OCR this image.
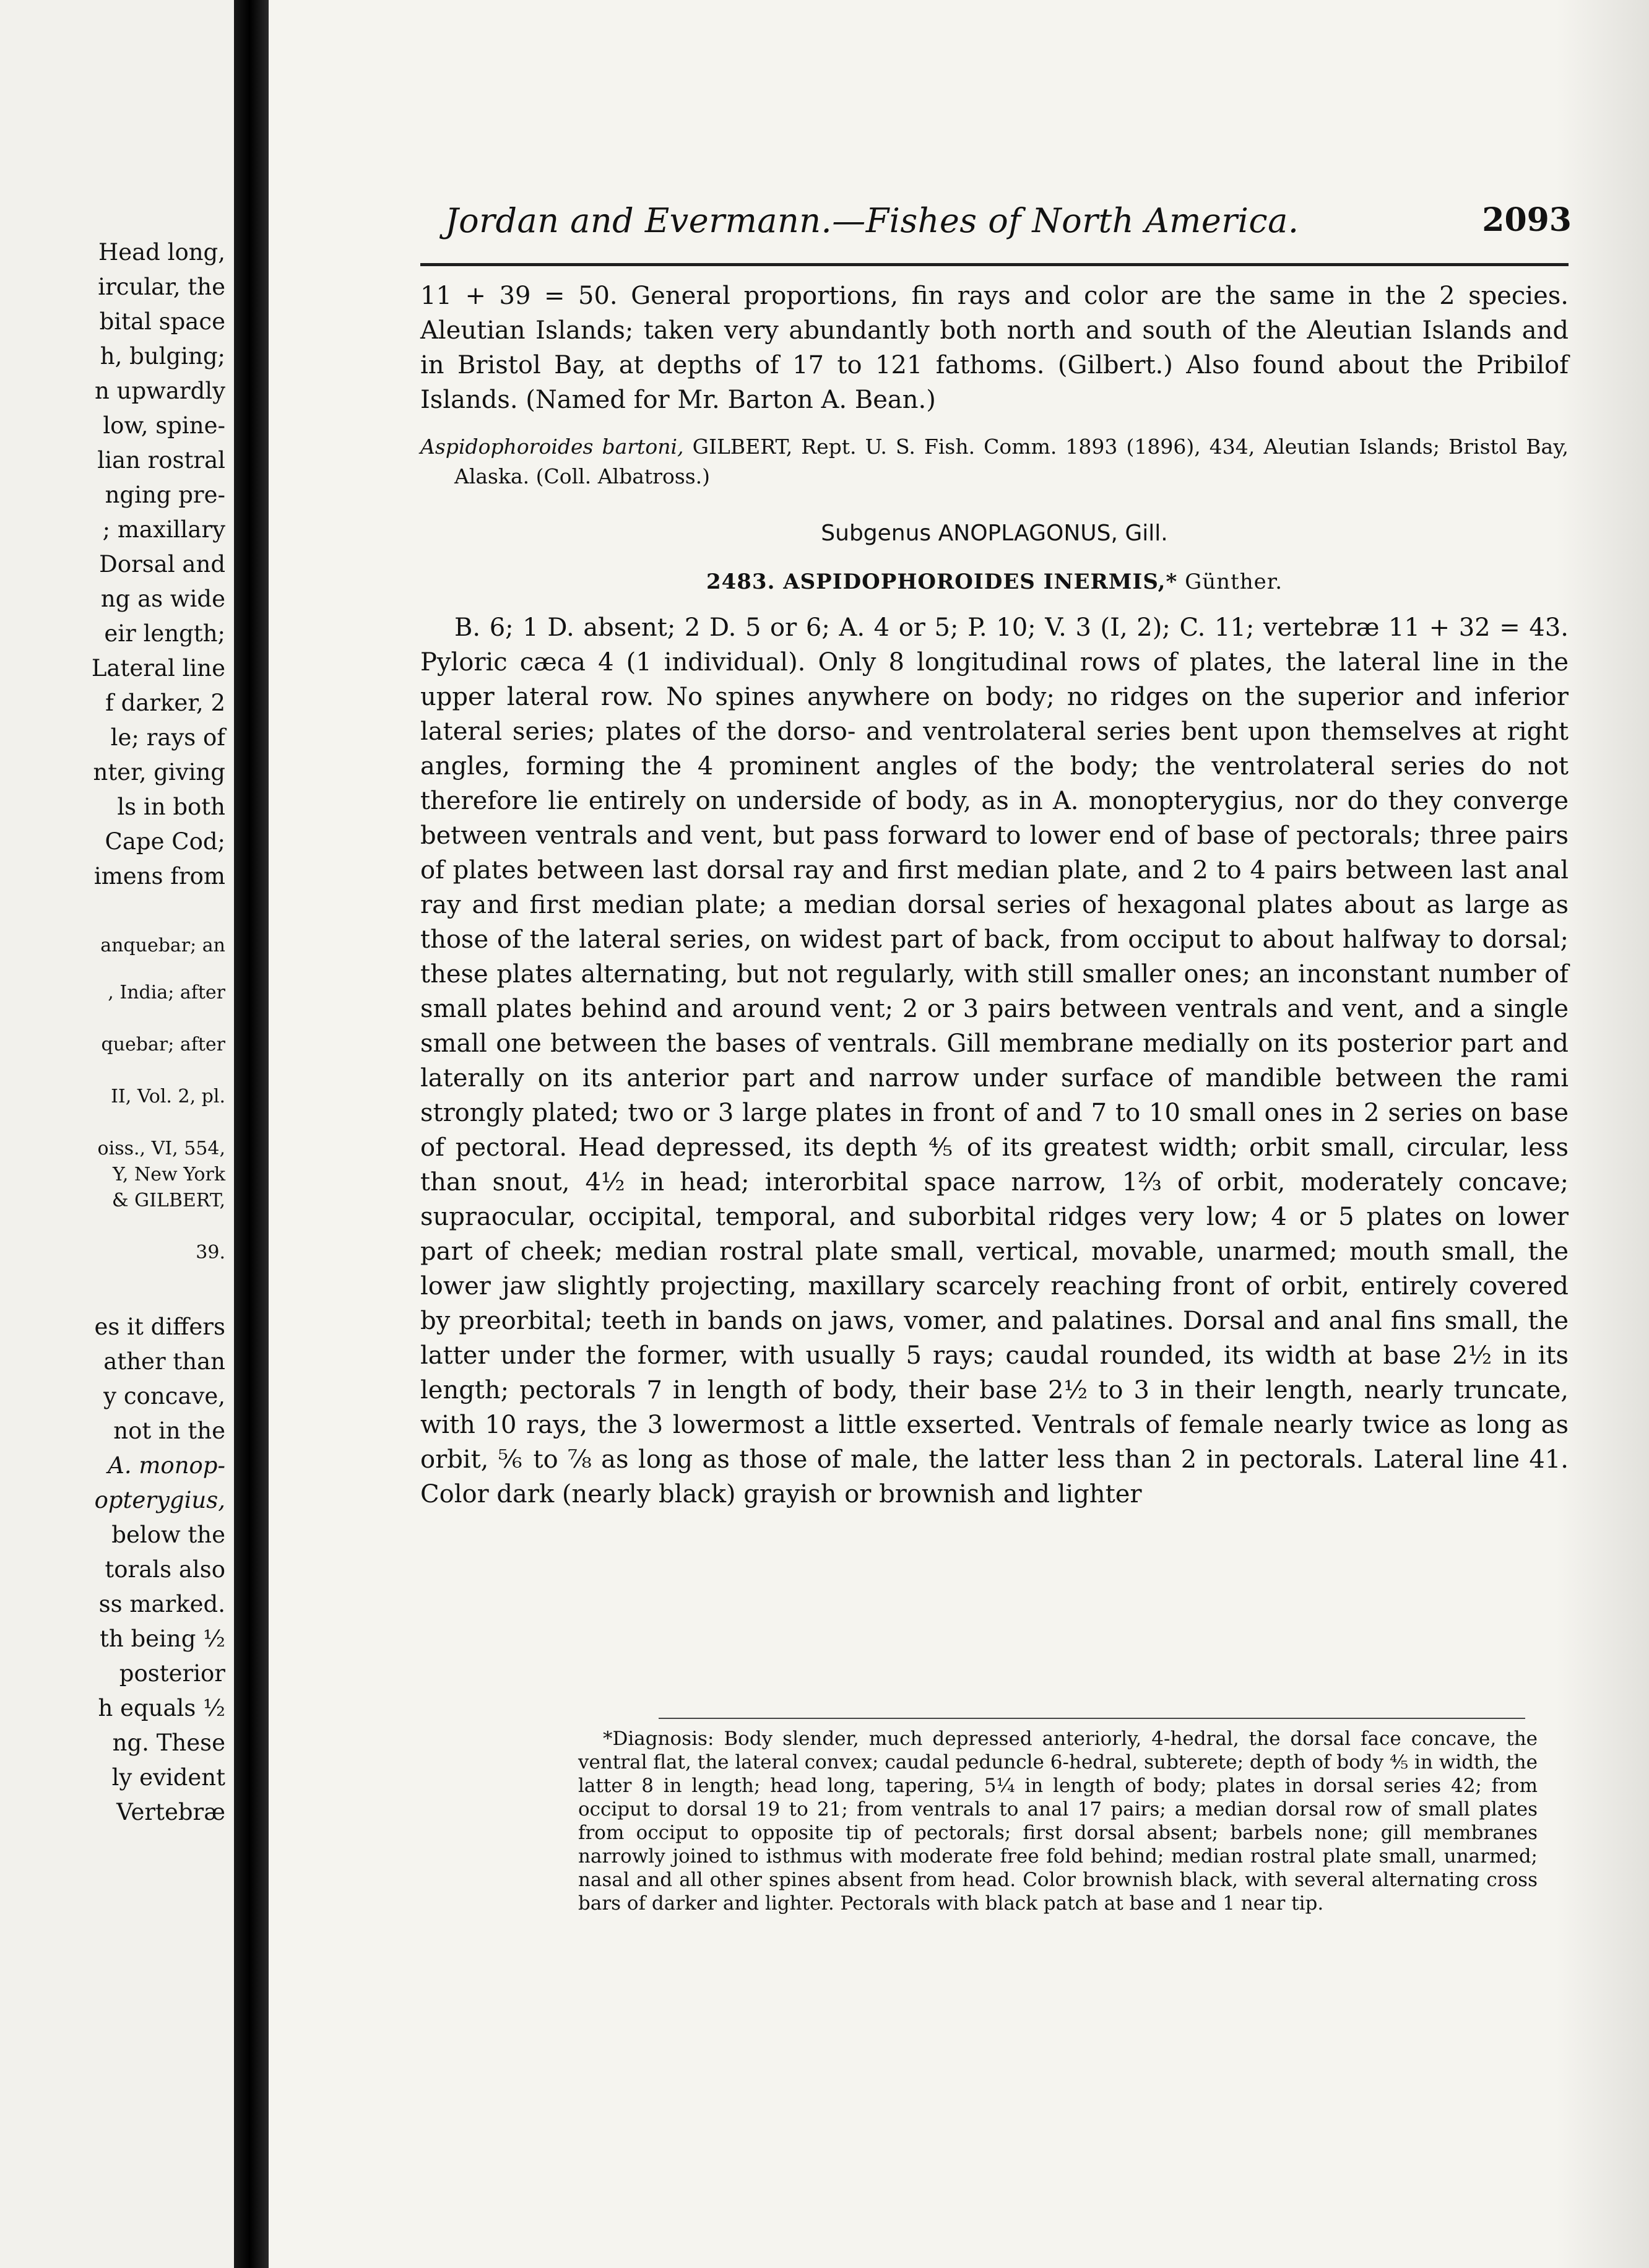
Head long,
ircular, the
bital space
h, bulging;
n upwardly
low, spine-
lian rostral
nging pre-
; maxillary
Dorsal and
ng as wide
eir length;
Lateral line
f darker, 2
le; rays of
nter, giving
ls in both
Cape Cod;
imens from
anquebar; an
, India; after
quebar; after
II, Vol. 2, pl.
oiss., VI, 554,
Y, New York
& GILBERT,
39.
es it differs
ather than
y concave,
not in the
A. monop-
opterygius,
below the
torals also
ss marked.
th being ½
posterior
h equals ½
ng. These
ly evident
Vertebræ
Jordan and Evermann.—Fishes of North America.	2093

11 + 39 = 50. General proportions, fin rays and color are the same in the 2 species. Aleutian Islands; taken very abundantly both north and south of the Aleutian Islands and in Bristol Bay, at depths of 17 to 121 fathoms. (Gilbert.) Also found about the Pribilof Islands. (Named for Mr. Barton A. Bean.)

Aspidophoroides bartoni, GILBERT, Rept. U. S. Fish. Comm. 1893 (1896), 434, Aleutian Islands; Bristol Bay, Alaska. (Coll. Albatross.)

Subgenus ANOPLAGONUS, Gill.

2483. ASPIDOPHOROIDES INERMIS,* Günther.

B. 6; 1 D. absent; 2 D. 5 or 6; A. 4 or 5; P. 10; V. 3 (I, 2); C. 11; vertebræ 11 + 32 = 43. Pyloric cæca 4 (1 individual). Only 8 longitudinal rows of plates, the lateral line in the upper lateral row. No spines anywhere on body; no ridges on the superior and inferior lateral series; plates of the dorso- and ventrolateral series bent upon themselves at right angles, forming the 4 prominent angles of the body; the ventrolateral series do not therefore lie entirely on underside of body, as in A. monopterygius, nor do they converge between ventrals and vent, but pass forward to lower end of base of pectorals; three pairs of plates between last dorsal ray and first median plate, and 2 to 4 pairs between last anal ray and first median plate; a median dorsal series of hexagonal plates about as large as those of the lateral series, on widest part of back, from occiput to about halfway to dorsal; these plates alternating, but not regularly, with still smaller ones; an inconstant number of small plates behind and around vent; 2 or 3 pairs between ventrals and vent, and a single small one between the bases of ventrals. Gill membrane medially on its posterior part and laterally on its anterior part and narrow under surface of mandible between the rami strongly plated; two or 3 large plates in front of and 7 to 10 small ones in 2 series on base of pectoral. Head depressed, its depth ⅘ of its greatest width; orbit small, circular, less than snout, 4½ in head; interorbital space narrow, 1⅔ of orbit, moderately concave; supraocular, occipital, temporal, and suborbital ridges very low; 4 or 5 plates on lower part of cheek; median rostral plate small, vertical, movable, unarmed; mouth small, the lower jaw slightly projecting, maxillary scarcely reaching front of orbit, entirely covered by preorbital; teeth in bands on jaws, vomer, and palatines. Dorsal and anal fins small, the latter under the former, with usually 5 rays; caudal rounded, its width at base 2½ in its length; pectorals 7 in length of body, their base 2½ to 3 in their length, nearly truncate, with 10 rays, the 3 lowermost a little exserted. Ventrals of female nearly twice as long as orbit, ⅚ to ⅞ as long as those of male, the latter less than 2 in pectorals. Lateral line 41. Color dark (nearly black) grayish or brownish and lighter

*Diagnosis: Body slender, much depressed anteriorly, 4-hedral, the dorsal face concave, the ventral flat, the lateral convex; caudal peduncle 6-hedral, subterete; depth of body ⅘ in width, the latter 8 in length; head long, tapering, 5¼ in length of body; plates in dorsal series 42; from occiput to dorsal 19 to 21; from ventrals to anal 17 pairs; a median dorsal row of small plates from occiput to opposite tip of pectorals; first dorsal absent; barbels none; gill membranes narrowly joined to isthmus with moderate free fold behind; median rostral plate small, unarmed; nasal and all other spines absent from head. Color brownish black, with several alternating cross bars of darker and lighter. Pectorals with black patch at base and 1 near tip.
